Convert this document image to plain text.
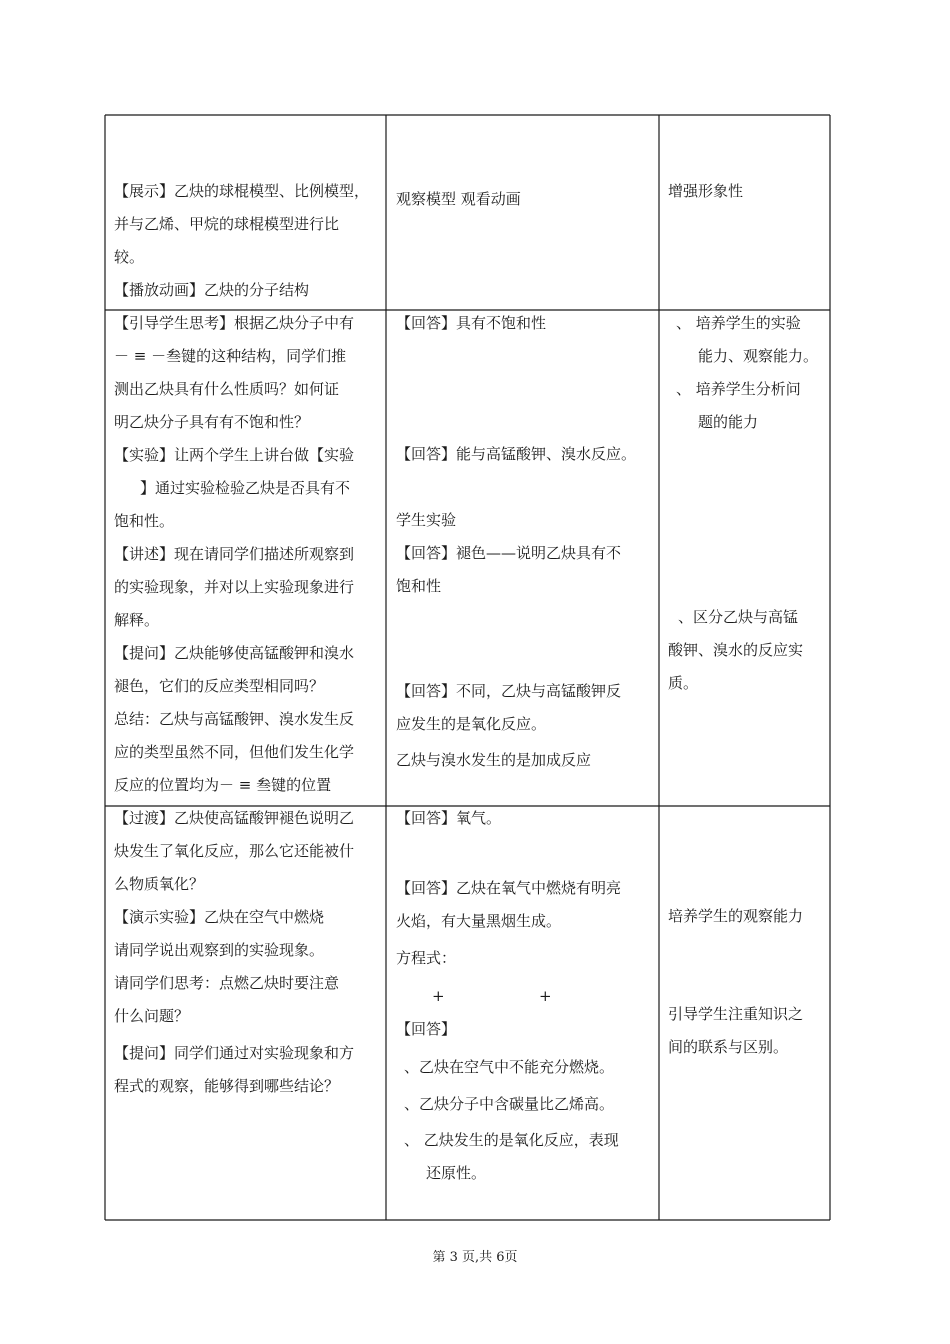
【展示】乙炔的球棍模型、比例模型，

并与乙烯、甲烷的球棍模型进行比

较。

【播放动画】乙炔的分子结构

观察模型 观看动画	增强形象性

【引导学生思考】根据乙炔分子中有

－ ≡ －叁键的这种结构，同学们推

测出乙炔具有什么性质吗？如何证

明乙炔分子具有有不饱和性？

【实验】让两个学生上讲台做【实验

】通过实验检验乙炔是否具有不

饱和性。

【讲述】现在请同学们描述所观察到

的实验现象，并对以上实验现象进行

解释。

【提问】乙炔能够使高锰酸钾和溴水

褪色，它们的反应类型相同吗？

总结：乙炔与高锰酸钾、溴水发生反

应的类型虽然不同，但他们发生化学

反应的位置均为－ ≡ 叁键的位置

【回答】具有不饱和性

【回答】能与高锰酸钾、溴水反应。

学生实验

【回答】褪色——说明乙炔具有不

饱和性

【回答】不同，乙炔与高锰酸钾反

应发生的是氧化反应。

乙炔与溴水发生的是加成反应

、 培养学生的实验

能力、观察能力。

、 培养学生分析问

题的能力

、区分乙炔与高锰

酸钾、溴水的反应实

质。

【过渡】乙炔使高锰酸钾褪色说明乙

炔发生了氧化反应，那么它还能被什

么物质氧化？

【演示实验】乙炔在空气中燃烧

请同学说出观察到的实验现象。

请同学们思考：点燃乙炔时要注意

什么问题？

【提问】同学们通过对实验现象和方

程式的观察，能够得到哪些结论？

【回答】氧气。

【回答】乙炔在氧气中燃烧有明亮

火焰，有大量黑烟生成。

方程式：

+	+

【回答】

、乙炔在空气中不能充分燃烧。

、乙炔分子中含碳量比乙烯高。

、 乙炔发生的是氧化反应，表现

还原性。

培养学生的观察能力

引导学生注重知识之

间的联系与区别。

第 3 页,共 6页
